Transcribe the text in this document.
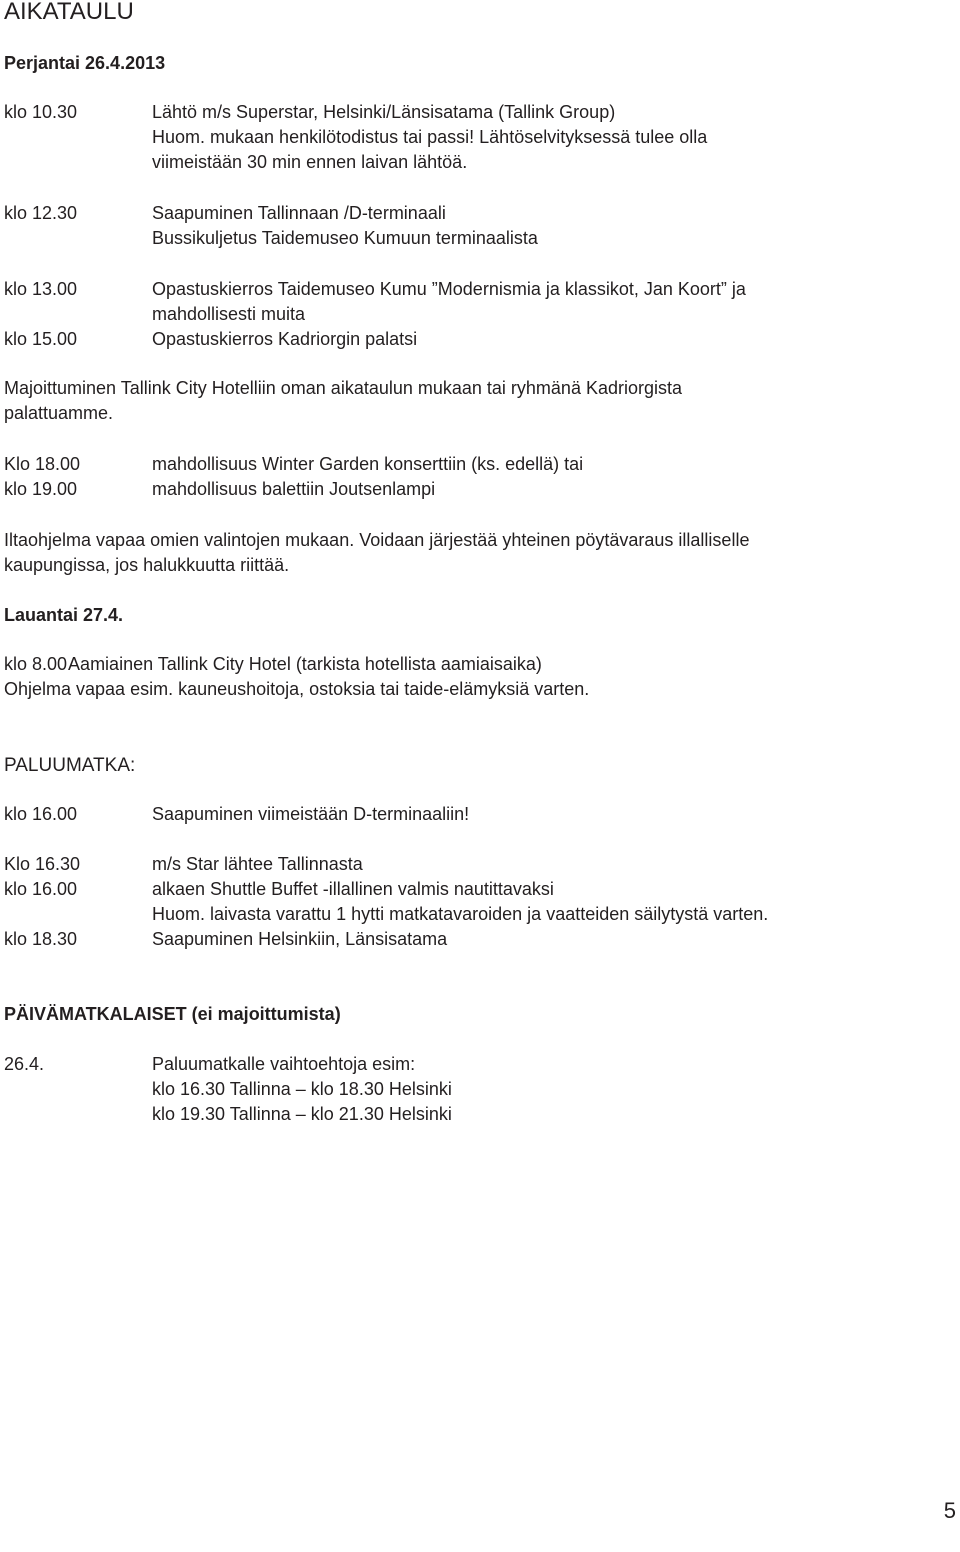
AIKATAULU
Perjantai 26.4.2013
klo 10.30	Lähtö m/s Superstar, Helsinki/Länsisatama (Tallink Group)
Huom. mukaan henkilötodistus tai passi! Lähtöselvityksessä tulee olla
viimeistään 30 min ennen laivan lähtöä.
klo 12.30	Saapuminen Tallinnaan /D-terminaali
Bussikuljetus Taidemuseo Kumuun terminaalista
klo 13.00	Opastuskierros Taidemuseo Kumu ”Modernismia ja klassikot, Jan Koort” ja
mahdollisesti muita
klo 15.00	Opastuskierros Kadriorgin palatsi
Majoittuminen Tallink City Hotelliin oman aikataulun mukaan tai ryhmänä Kadriorgista
palattuamme.
Klo 18.00	mahdollisuus Winter Garden konserttiin (ks. edellä) tai
klo 19.00	mahdollisuus balettiin Joutsenlampi
Iltaohjelma vapaa omien valintojen mukaan. Voidaan järjestää yhteinen pöytävaraus illalliselle
kaupungissa, jos halukkuutta riittää.
Lauantai 27.4.
klo 8.00Aamiainen Tallink City Hotel (tarkista hotellista aamiaisaika)
Ohjelma vapaa esim. kauneushoitoja, ostoksia tai taide-elämyksiä varten.
PALUUMATKA:
klo 16.00	Saapuminen viimeistään D-terminaaliin!
Klo 16.30	m/s Star lähtee Tallinnasta
klo 16.00	alkaen Shuttle Buffet -illallinen valmis nautittavaksi
Huom. laivasta varattu 1 hytti matkatavaroiden ja vaatteiden säilytystä varten.
klo 18.30	Saapuminen Helsinkiin, Länsisatama
PÄIVÄMATKALAISET (ei majoittumista)
26.4.	Paluumatkalle vaihtoehtoja esim:
klo 16.30 Tallinna – klo 18.30 Helsinki
klo 19.30 Tallinna – klo 21.30 Helsinki
5
